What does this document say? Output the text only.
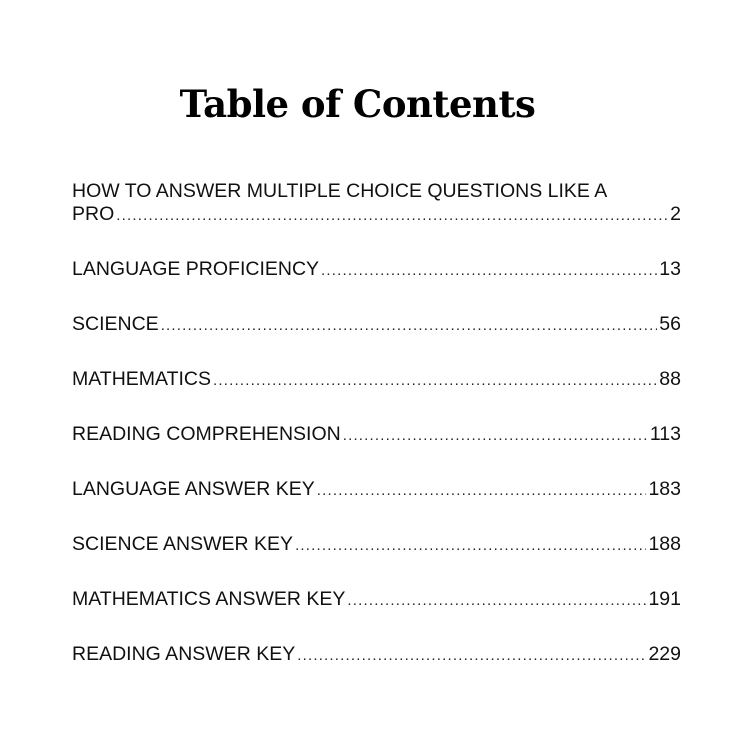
Table of Contents
HOW TO ANSWER MULTIPLE CHOICE QUESTIONS LIKE A
PRO .....	2
LANGUAGE PROFICIENCY .....	13
SCIENCE .....	56
MATHEMATICS .....	88
READING COMPREHENSION .....	113
LANGUAGE ANSWER KEY .....	183
SCIENCE ANSWER KEY .....	188
MATHEMATICS ANSWER KEY .....	191
READING ANSWER KEY .....	229
